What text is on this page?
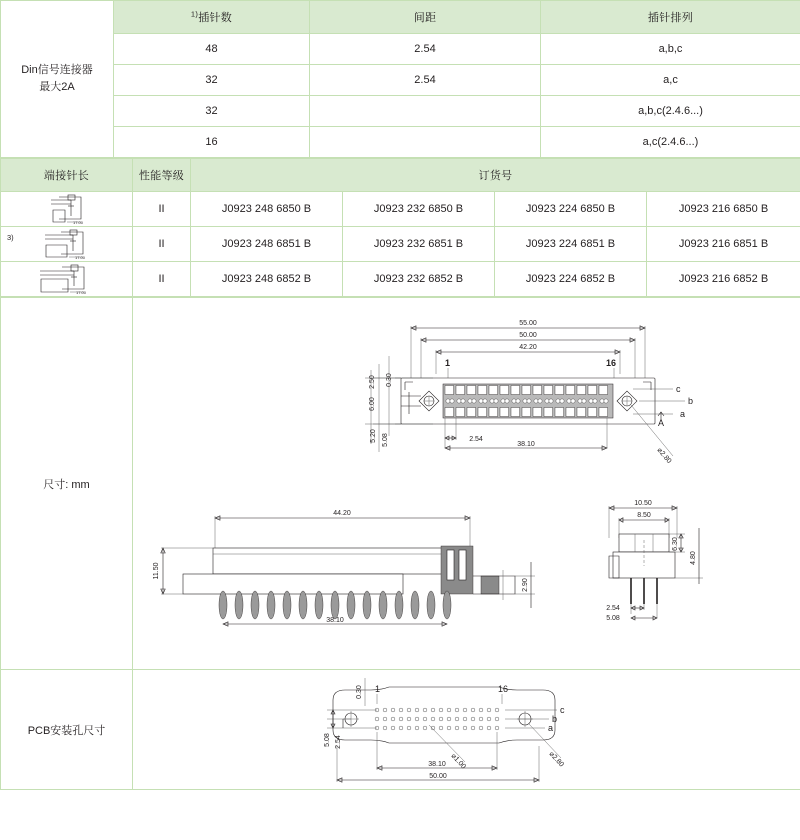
Din信号连接器
最大2A	$^{1)}$插针数	间距	插针排列
	48	2.54	a,b,c
	32	2.54	a,c
	32		a,b,c(2.4.6...)
	16		a,c(2.4.6...)
端接针长	性能等级	订货号			

17.00	II	J0923 248 6850 B	J0923 232 6850 B	J0923 224 6850 B	J0923 216 6850 B

3)
17.00	II	J0923 248 6851 B	J0923 232 6851 B	J0923 224 6851 B	J0923 216 6851 B

17.00	II	J0923 248 6852 B	J0923 232 6852 B	J0923 224 6852 B	J0923 216 6852 B
尺寸: mm	
55.00
50.00
42.20
1	16
c
b
a
A
⌀2.80
2.54
38.10
2.50 0.30
6.00
5.20 5.08
44.20
38.10
11.50
2.90
10.50
8.50
6.30
4.80
2.54
5.08

PCB安装孔尺寸	
1	16
c
b
a
⌀1.00	⌀2.80
5.08 2.54
0.30
38.10
50.00
